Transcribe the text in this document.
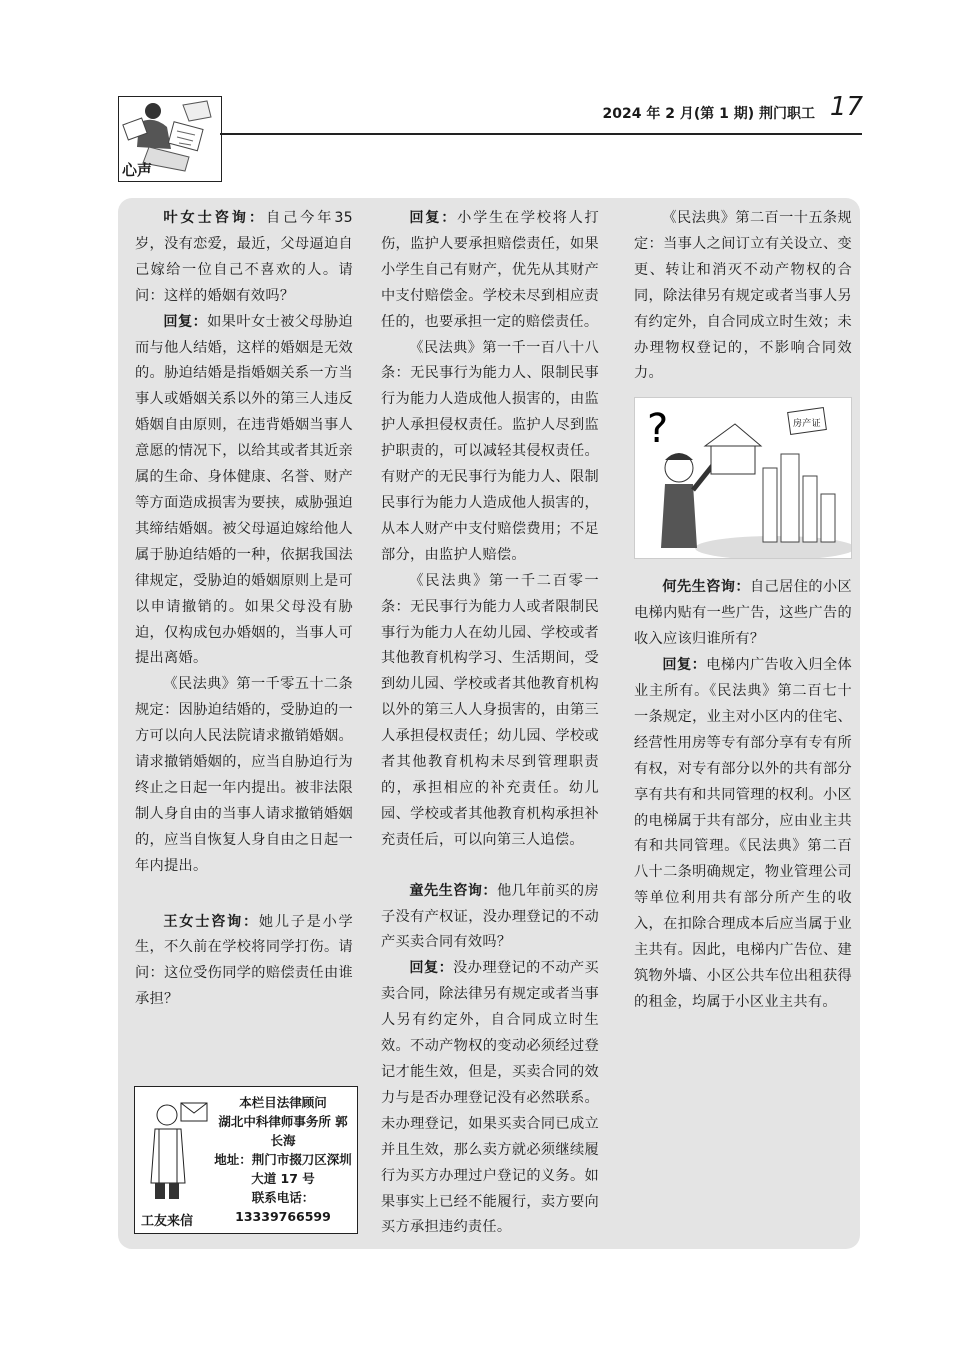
心声
2024 年 2 月(第 1 期) 荆门职工 17

叶女士咨询：自己今年35 岁，没有恋爱，最近，父母逼迫自己嫁给一位自己不喜欢的人。请问：这样的婚姻有效吗？

回复：如果叶女士被父母胁迫而与他人结婚，这样的婚姻是无效的。胁迫结婚是指婚姻关系一方当事人或婚姻关系以外的第三人违反婚姻自由原则，在违背婚姻当事人意愿的情况下，以给其或者其近亲属的生命、身体健康、名誉、财产等方面造成损害为要挟，威胁强迫其缔结婚姻。被父母逼迫嫁给他人属于胁迫结婚的一种，依据我国法律规定，受胁迫的婚姻原则上是可以申请撤销的。如果父母没有胁迫，仅构成包办婚姻的，当事人可提出离婚。

《民法典》第一千零五十二条规定：因胁迫结婚的，受胁迫的一方可以向人民法院请求撤销婚姻。请求撤销婚姻的，应当自胁迫行为终止之日起一年内提出。被非法限制人身自由的当事人请求撤销婚姻的，应当自恢复人身自由之日起一年内提出。

王女士咨询：她儿子是小学生，不久前在学校将同学打伤。请问：这位受伤同学的赔偿责任由谁承担？

回复：小学生在学校将人打伤，监护人要承担赔偿责任，如果小学生自己有财产，优先从其财产中支付赔偿金。学校未尽到相应责任的，也要承担一定的赔偿责任。

《民法典》第一千一百八十八条：无民事行为能力人、限制民事行为能力人造成他人损害的，由监护人承担侵权责任。监护人尽到监护职责的，可以减轻其侵权责任。有财产的无民事行为能力人、限制民事行为能力人造成他人损害的，从本人财产中支付赔偿费用；不足部分，由监护人赔偿。

《民法典》第一千二百零一条：无民事行为能力人或者限制民事行为能力人在幼儿园、学校或者其他教育机构学习、生活期间，受到幼儿园、学校或者其他教育机构以外的第三人人身损害的，由第三人承担侵权责任；幼儿园、学校或者其他教育机构未尽到管理职责的，承担相应的补充责任。幼儿园、学校或者其他教育机构承担补充责任后，可以向第三人追偿。

童先生咨询：他几年前买的房子没有产权证，没办理登记的不动产买卖合同有效吗？

回复：没办理登记的不动产买卖合同，除法律另有规定或者当事人另有约定外，自合同成立时生效。不动产物权的变动必须经过登记才能生效，但是，买卖合同的效力与是否办理登记没有必然联系。未办理登记，如果买卖合同已成立并且生效，那么卖方就必须继续履行为买方办理过户登记的义务。如果事实上已经不能履行，卖方要向买方承担违约责任。

《民法典》第二百一十五条规定：当事人之间订立有关设立、变更、转让和消灭不动产物权的合同，除法律另有规定或者当事人另有约定外，自合同成立时生效；未办理物权登记的，不影响合同效力。

?	房产证

何先生咨询：自己居住的小区电梯内贴有一些广告，这些广告的收入应该归谁所有？

回复：电梯内广告收入归全体业主所有。《民法典》第二百七十一条规定，业主对小区内的住宅、经营性用房等专有部分享有专有所有权，对专有部分以外的共有部分享有共有和共同管理的权利。小区的电梯属于共有部分，应由业主共有和共同管理。《民法典》第二百八十二条明确规定，物业管理公司等单位利用共有部分所产生的收入，在扣除合理成本后应当属于业主共有。因此，电梯内广告位、建筑物外墙、小区公共车位出租获得的租金，均属于小区业主共有。

本栏目法律顾问
湖北中科律师事务所 郭长海
地址：荆门市掇刀区深圳大道 17 号
联系电话：
13339766599
工友来信
